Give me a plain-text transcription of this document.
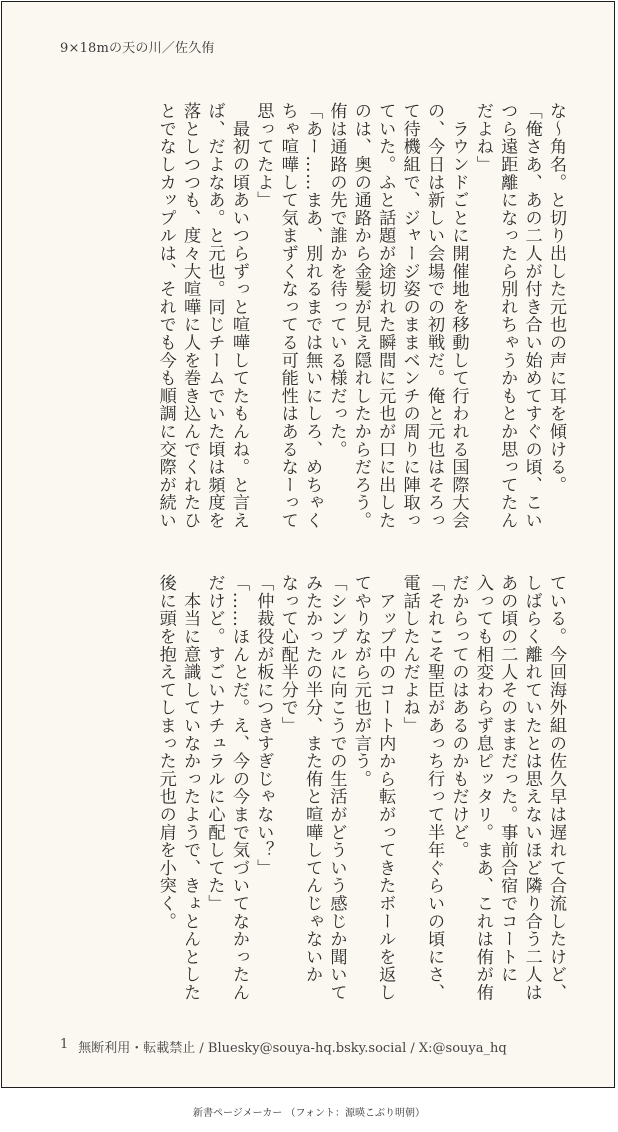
9×18mの天の川／佐久侑
な〜角名。と切り出した元也の声に耳を傾ける。
「俺さあ、あの二人が付き合い始めてすぐの頃、こい
つら遠距離になったら別れちゃうかもとか思ってたん
だよね」
　ラウンドごとに開催地を移動して行われる国際大会
の、今日は新しい会場での初戦だ。俺と元也はそろっ
て待機組で、ジャージ姿のままベンチの周りに陣取っ
ていた。ふと話題が途切れた瞬間に元也が口に出した
のは、奥の通路から金髪が見え隠れしたからだろう。
侑は通路の先で誰かを待っている様だった。
「あー……まあ、別れるまでは無いにしろ、めちゃく
ちゃ喧嘩して気まずくなってる可能性はあるなーって
思ってたよ」
　最初の頃あいつらずっと喧嘩してたもんね。と言え
ば、だよなあ。と元也。同じチームでいた頃は頻度を
落としつつも、度々大喧嘩に人を巻き込んでくれたひ
とでなしカップルは、それでも今も順調に交際が続い
ている。今回海外組の佐久早は遅れて合流したけど、
しばらく離れていたとは思えないほど隣り合う二人は
あの頃の二人そのままだった。事前合宿でコートに
入っても相変わらず息ピッタリ。まあ、これは侑が侑
だからってのはあるのかもだけど。
「それこそ聖臣があっち行って半年ぐらいの頃にさ、
電話したんだよね」
　アップ中のコート内から転がってきたボールを返し
てやりながら元也が言う。
「シンプルに向こうでの生活がどういう感じか聞いて
みたかったの半分、また侑と喧嘩してんじゃないか
なって心配半分で」
「仲裁役が板につきすぎじゃない？」
「……ほんとだ。え、今の今まで気づいてなかったん
だけど。すごいナチュラルに心配してた」
　本当に意識していなかったようで、きょとんとした
後に頭を抱えてしまった元也の肩を小突く。
1 無断利用・転載禁止 / Bluesky@souya-hq.bsky.social / X:@souya_hq
新書ページメーカー （フォント：源暎こぶり明朝）
